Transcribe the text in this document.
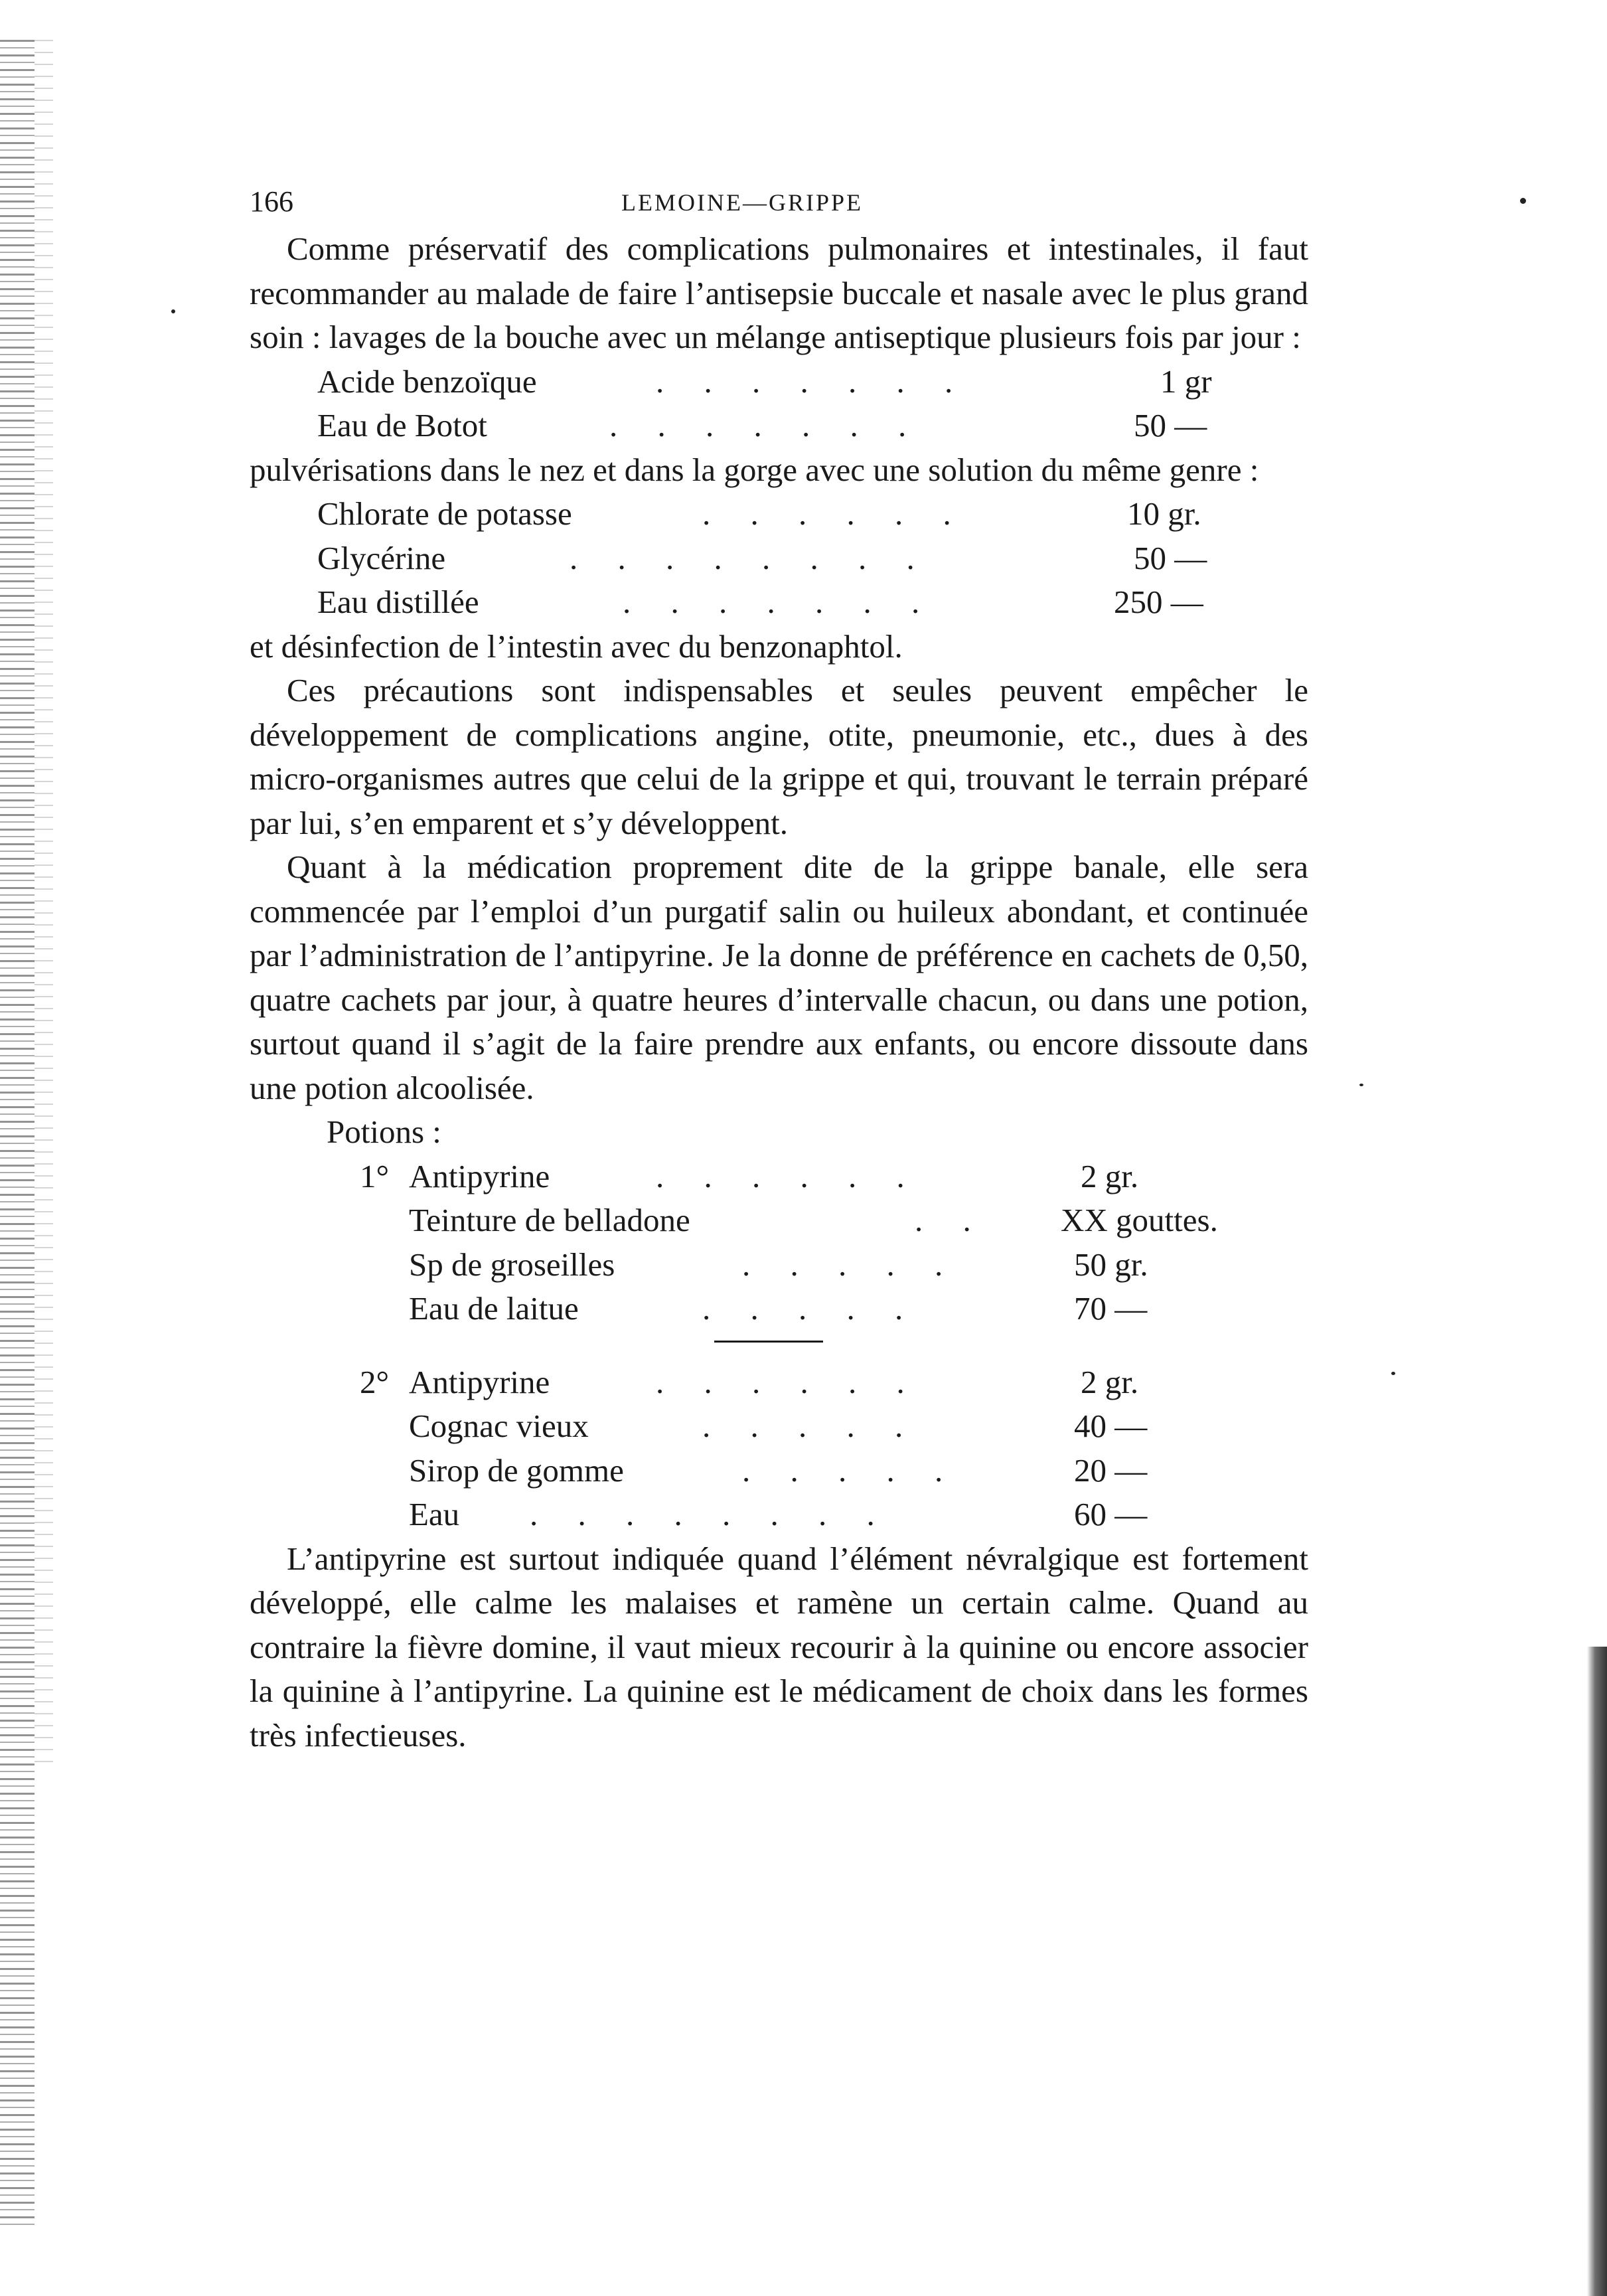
166	LEMOINE—GRIPPE

Comme préservatif des complications pulmonaires et intestinales, il faut recommander au malade de faire l’antisepsie buccale et nasale avec le plus grand soin : lavages de la bouche avec un mélange antiseptique plusieurs fois par jour :

Acide benzoïque	. . . . . . .	1 gr
Eau de Botot	. . . . . . .	50 —

pulvérisations dans le nez et dans la gorge avec une solution du même genre :

Chlorate de potasse	. . . . . .	10 gr.
Glycérine	. . . . . . . .	50 —
Eau distillée	. . . . . . .	250 —

et désinfection de l’intestin avec du benzonaphtol.

Ces précautions sont indispensables et seules peuvent empêcher le développement de complications angine, otite, pneumonie, etc., dues à des micro-organismes autres que celui de la grippe et qui, trouvant le terrain préparé par lui, s’en emparent et s’y développent.

Quant à la médication proprement dite de la grippe banale, elle sera commencée par l’emploi d’un purgatif salin ou huileux abondant, et continuée par l’administration de l’antipyrine. Je la donne de préférence en cachets de 0,50, quatre cachets par jour, à quatre heures d’intervalle chacun, ou dans une potion, surtout quand il s’agit de la faire prendre aux enfants, ou encore dissoute dans une potion alcoolisée.

Potions :
1° Antipyrine	. . . . . .	2 gr.
Teinture de belladone	. . XX gouttes.
Sp de groseilles	. . . . .	50 gr.
Eau de laitue	. . . . .	70 —
2° Antipyrine	. . . . . .	2 gr.
Cognac vieux	. . . . .	40 —
Sirop de gomme	. . . . .	20 —
Eau . . . . . . . .	60 —

L’antipyrine est surtout indiquée quand l’élément névralgique est fortement développé, elle calme les malaises et ramène un certain calme. Quand au contraire la fièvre domine, il vaut mieux recourir à la quinine ou encore associer la quinine à l’antipyrine. La quinine est le médicament de choix dans les formes très infectieuses.
